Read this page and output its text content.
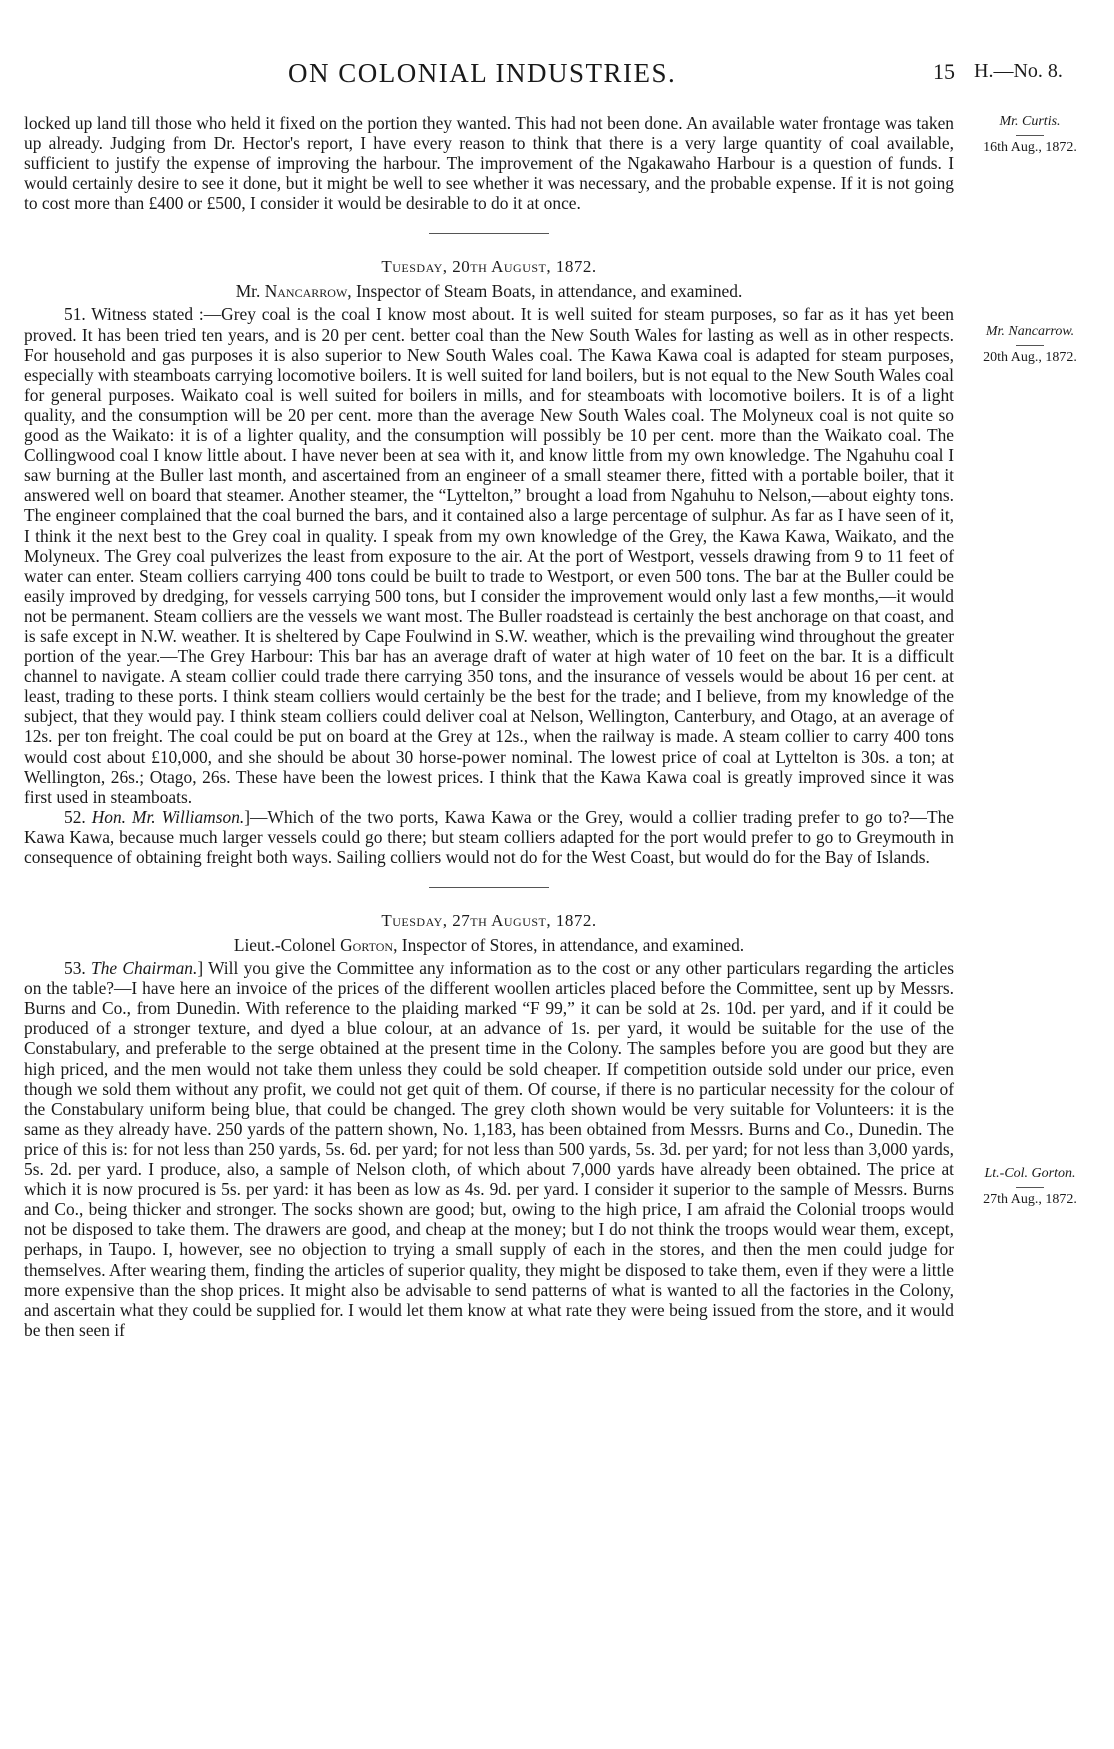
ON COLONIAL INDUSTRIES.	15 H.—No. 8.
Mr. Curtis.
16th Aug., 1872.
Mr. Nancarrow.
20th Aug., 1872.
Lt.-Col. Gorton.
27th Aug., 1872.

locked up land till those who held it fixed on the portion they wanted. This had not been done. An available water frontage was taken up already. Judging from Dr. Hector's report, I have every reason to think that there is a very large quantity of coal available, sufficient to justify the expense of improving the harbour. The improvement of the Ngakawaho Harbour is a question of funds. I would certainly desire to see it done, but it might be well to see whether it was necessary, and the probable expense. If it is not going to cost more than £400 or £500, I consider it would be desirable to do it at once.

Tuesday, 20th August, 1872.
Mr. Nancarrow, Inspector of Steam Boats, in attendance, and examined.

51. Witness stated :—Grey coal is the coal I know most about. It is well suited for steam purposes, so far as it has yet been proved. It has been tried ten years, and is 20 per cent. better coal than the New South Wales for lasting as well as in other respects. For household and gas purposes it is also superior to New South Wales coal. The Kawa Kawa coal is adapted for steam purposes, especially with steamboats carrying locomotive boilers. It is well suited for land boilers, but is not equal to the New South Wales coal for general purposes. Waikato coal is well suited for boilers in mills, and for steamboats with locomotive boilers. It is of a light quality, and the consumption will be 20 per cent. more than the average New South Wales coal. The Molyneux coal is not quite so good as the Waikato: it is of a lighter quality, and the consumption will possibly be 10 per cent. more than the Waikato coal. The Collingwood coal I know little about. I have never been at sea with it, and know little from my own knowledge. The Ngahuhu coal I saw burning at the Buller last month, and ascertained from an engineer of a small steamer there, fitted with a portable boiler, that it answered well on board that steamer. Another steamer, the “Lyttelton,” brought a load from Ngahuhu to Nelson,—about eighty tons. The engineer complained that the coal burned the bars, and it contained also a large percentage of sulphur. As far as I have seen of it, I think it the next best to the Grey coal in quality. I speak from my own knowledge of the Grey, the Kawa Kawa, Waikato, and the Molyneux. The Grey coal pulverizes the least from exposure to the air. At the port of Westport, vessels drawing from 9 to 11 feet of water can enter. Steam colliers carrying 400 tons could be built to trade to Westport, or even 500 tons. The bar at the Buller could be easily improved by dredging, for vessels carrying 500 tons, but I consider the improvement would only last a few months,—it would not be permanent. Steam colliers are the vessels we want most. The Buller roadstead is certainly the best anchorage on that coast, and is safe except in N.W. weather. It is sheltered by Cape Foulwind in S.W. weather, which is the prevailing wind throughout the greater portion of the year.—The Grey Harbour: This bar has an average draft of water at high water of 10 feet on the bar. It is a difficult channel to navigate. A steam collier could trade there carrying 350 tons, and the insurance of vessels would be about 16 per cent. at least, trading to these ports. I think steam colliers would certainly be the best for the trade; and I believe, from my knowledge of the subject, that they would pay. I think steam colliers could deliver coal at Nelson, Wellington, Canterbury, and Otago, at an average of 12s. per ton freight. The coal could be put on board at the Grey at 12s., when the railway is made. A steam collier to carry 400 tons would cost about £10,000, and she should be about 30 horse-power nominal. The lowest price of coal at Lyttelton is 30s. a ton; at Wellington, 26s.; Otago, 26s. These have been the lowest prices. I think that the Kawa Kawa coal is greatly improved since it was first used in steamboats.

52. Hon. Mr. Williamson.]—Which of the two ports, Kawa Kawa or the Grey, would a collier trading prefer to go to?—The Kawa Kawa, because much larger vessels could go there; but steam colliers adapted for the port would prefer to go to Greymouth in consequence of obtaining freight both ways. Sailing colliers would not do for the West Coast, but would do for the Bay of Islands.

Tuesday, 27th August, 1872.
Lieut.-Colonel Gorton, Inspector of Stores, in attendance, and examined.

53. The Chairman.] Will you give the Committee any information as to the cost or any other particulars regarding the articles on the table?—I have here an invoice of the prices of the different woollen articles placed before the Committee, sent up by Messrs. Burns and Co., from Dunedin. With reference to the plaiding marked “F 99,” it can be sold at 2s. 10d. per yard, and if it could be produced of a stronger texture, and dyed a blue colour, at an advance of 1s. per yard, it would be suitable for the use of the Constabulary, and preferable to the serge obtained at the present time in the Colony. The samples before you are good but they are high priced, and the men would not take them unless they could be sold cheaper. If competition outside sold under our price, even though we sold them without any profit, we could not get quit of them. Of course, if there is no particular necessity for the colour of the Constabulary uniform being blue, that could be changed. The grey cloth shown would be very suitable for Volunteers: it is the same as they already have. 250 yards of the pattern shown, No. 1,183, has been obtained from Messrs. Burns and Co., Dunedin. The price of this is: for not less than 250 yards, 5s. 6d. per yard; for not less than 500 yards, 5s. 3d. per yard; for not less than 3,000 yards, 5s. 2d. per yard. I produce, also, a sample of Nelson cloth, of which about 7,000 yards have already been obtained. The price at which it is now procured is 5s. per yard: it has been as low as 4s. 9d. per yard. I consider it superior to the sample of Messrs. Burns and Co., being thicker and stronger. The socks shown are good; but, owing to the high price, I am afraid the Colonial troops would not be disposed to take them. The drawers are good, and cheap at the money; but I do not think the troops would wear them, except, perhaps, in Taupo. I, however, see no objection to trying a small supply of each in the stores, and then the men could judge for themselves. After wearing them, finding the articles of superior quality, they might be disposed to take them, even if they were a little more expensive than the shop prices. It might also be advisable to send patterns of what is wanted to all the factories in the Colony, and ascertain what they could be supplied for. I would let them know at what rate they were being issued from the store, and it would be then seen if
